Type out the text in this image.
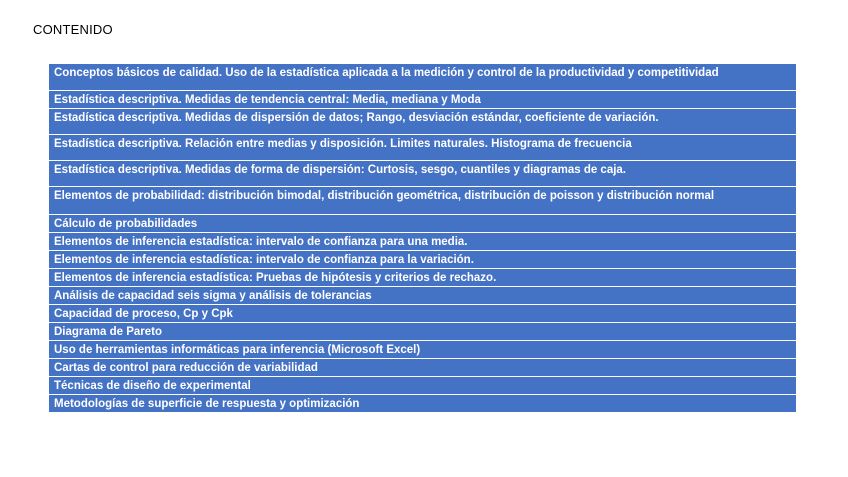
CONTENIDO
Conceptos básicos de calidad. Uso de la estadística aplicada a la medición y control de la productividad y competitividad
Estadística descriptiva. Medidas de tendencia central: Media, mediana y Moda
Estadística descriptiva. Medidas de dispersión de datos; Rango, desviación estándar, coeficiente de variación.
Estadística descriptiva. Relación entre medias y disposición. Limites naturales. Histograma de frecuencia
Estadística descriptiva. Medidas de forma de dispersión: Curtosis, sesgo, cuantiles y diagramas de caja.
Elementos de probabilidad: distribución bimodal, distribución geométrica, distribución de poisson y distribución normal
Cálculo de probabilidades
Elementos de inferencia estadística: intervalo de confianza para una media.
Elementos de inferencia estadística: intervalo de confianza para la variación.
Elementos de inferencia estadística: Pruebas de hipótesis y criterios de rechazo.
Análisis de capacidad seis sigma y análisis de tolerancias
Capacidad de proceso, Cp y Cpk
Diagrama de Pareto
Uso de herramientas informáticas para inferencia (Microsoft Excel)
Cartas de control para reducción de variabilidad
Técnicas de diseño de experimental
Metodologías de superficie de respuesta y optimización
